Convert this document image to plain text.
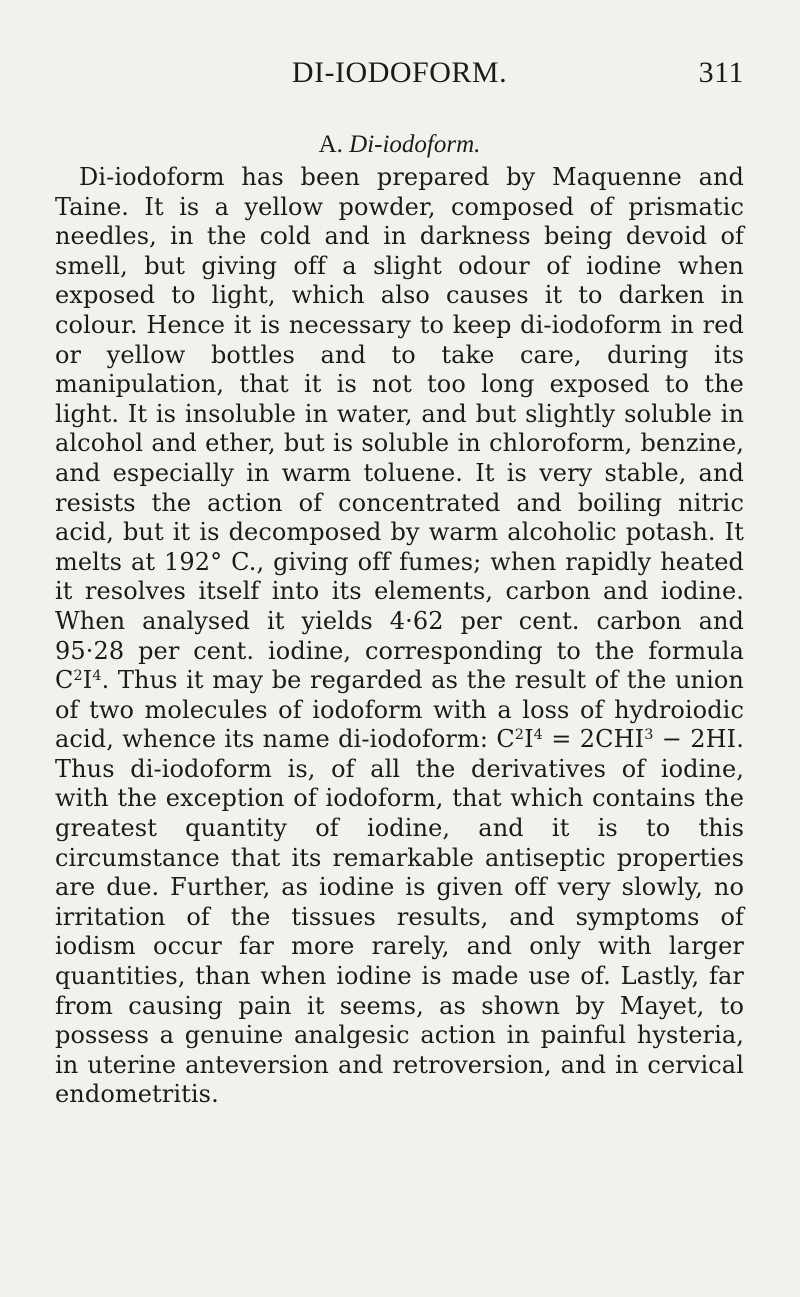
DI-IODOFORM.	311
A. Di-iodoform.

Di-iodoform has been prepared by Maquenne and Taine. It is a yellow powder, composed of prismatic needles, in the cold and in darkness being devoid of smell, but giving off a slight odour of iodine when exposed to light, which also causes it to darken in colour. Hence it is necessary to keep di-iodoform in red or yellow bottles and to take care, during its manipulation, that it is not too long exposed to the light. It is insoluble in water, and but slightly soluble in alcohol and ether, but is soluble in chloroform, benzine, and especially in warm toluene. It is very stable, and resists the action of concentrated and boiling nitric acid, but it is decomposed by warm alcoholic potash. It melts at 192° C., giving off fumes; when rapidly heated it resolves itself into its elements, carbon and iodine. When analysed it yields 4·62 per cent. carbon and 95·28 per cent. iodine, corresponding to the formula $C^2I^4$. Thus it may be regarded as the result of the union of two molecules of iodoform with a loss of hydroiodic acid, whence its name di-iodoform: $C^2I^4 = 2CHI^3 - 2HI$. Thus di-iodoform is, of all the derivatives of iodine, with the exception of iodoform, that which contains the greatest quantity of iodine, and it is to this circumstance that its remarkable antiseptic properties are due. Further, as iodine is given off very slowly, no irritation of the tissues results, and symptoms of iodism occur far more rarely, and only with larger quantities, than when iodine is made use of. Lastly, far from causing pain it seems, as shown by Mayet, to possess a genuine analgesic action in painful hysteria, in uterine anteversion and retroversion, and in cervical endometritis.
